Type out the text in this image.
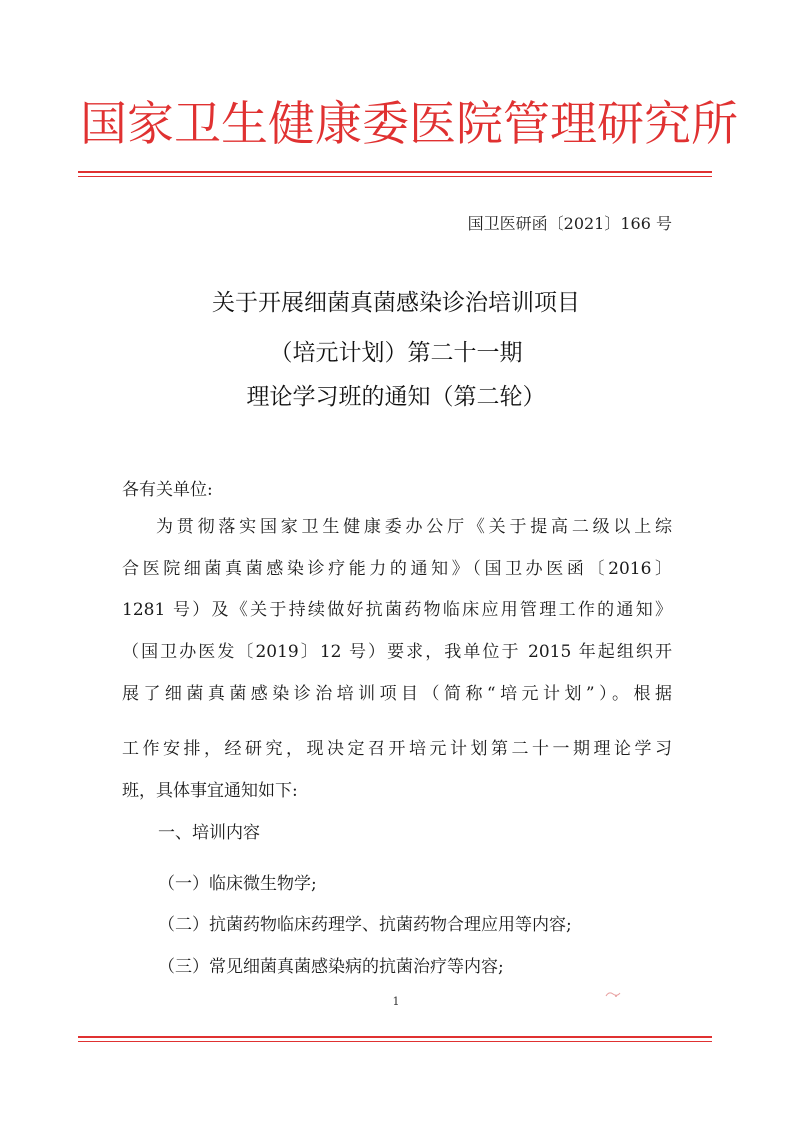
国家卫生健康委医院管理研究所
国卫医研函〔2021〕166 号
关于开展细菌真菌感染诊治培训项目
（培元计划）第二十一期
理论学习班的通知（第二轮）
各有关单位:
为贯彻落实国家卫生健康委办公厅《关于提高二级以上综
合医院细菌真菌感染诊疗能力的通知》（国卫办医函〔2016〕
1281 号）及《关于持续做好抗菌药物临床应用管理工作的通知》
（国卫办医发〔2019〕12 号）要求，我单位于 2015 年起组织开
展了细菌真菌感染诊治培训项目（简称“培元计划”）。根据
工作安排，经研究，现决定召开培元计划第二十一期理论学习
班，具体事宜通知如下:
一、培训内容
（一）临床微生物学;
（二）抗菌药物临床药理学、抗菌药物合理应用等内容;
（三）常见细菌真菌感染病的抗菌治疗等内容;
1
